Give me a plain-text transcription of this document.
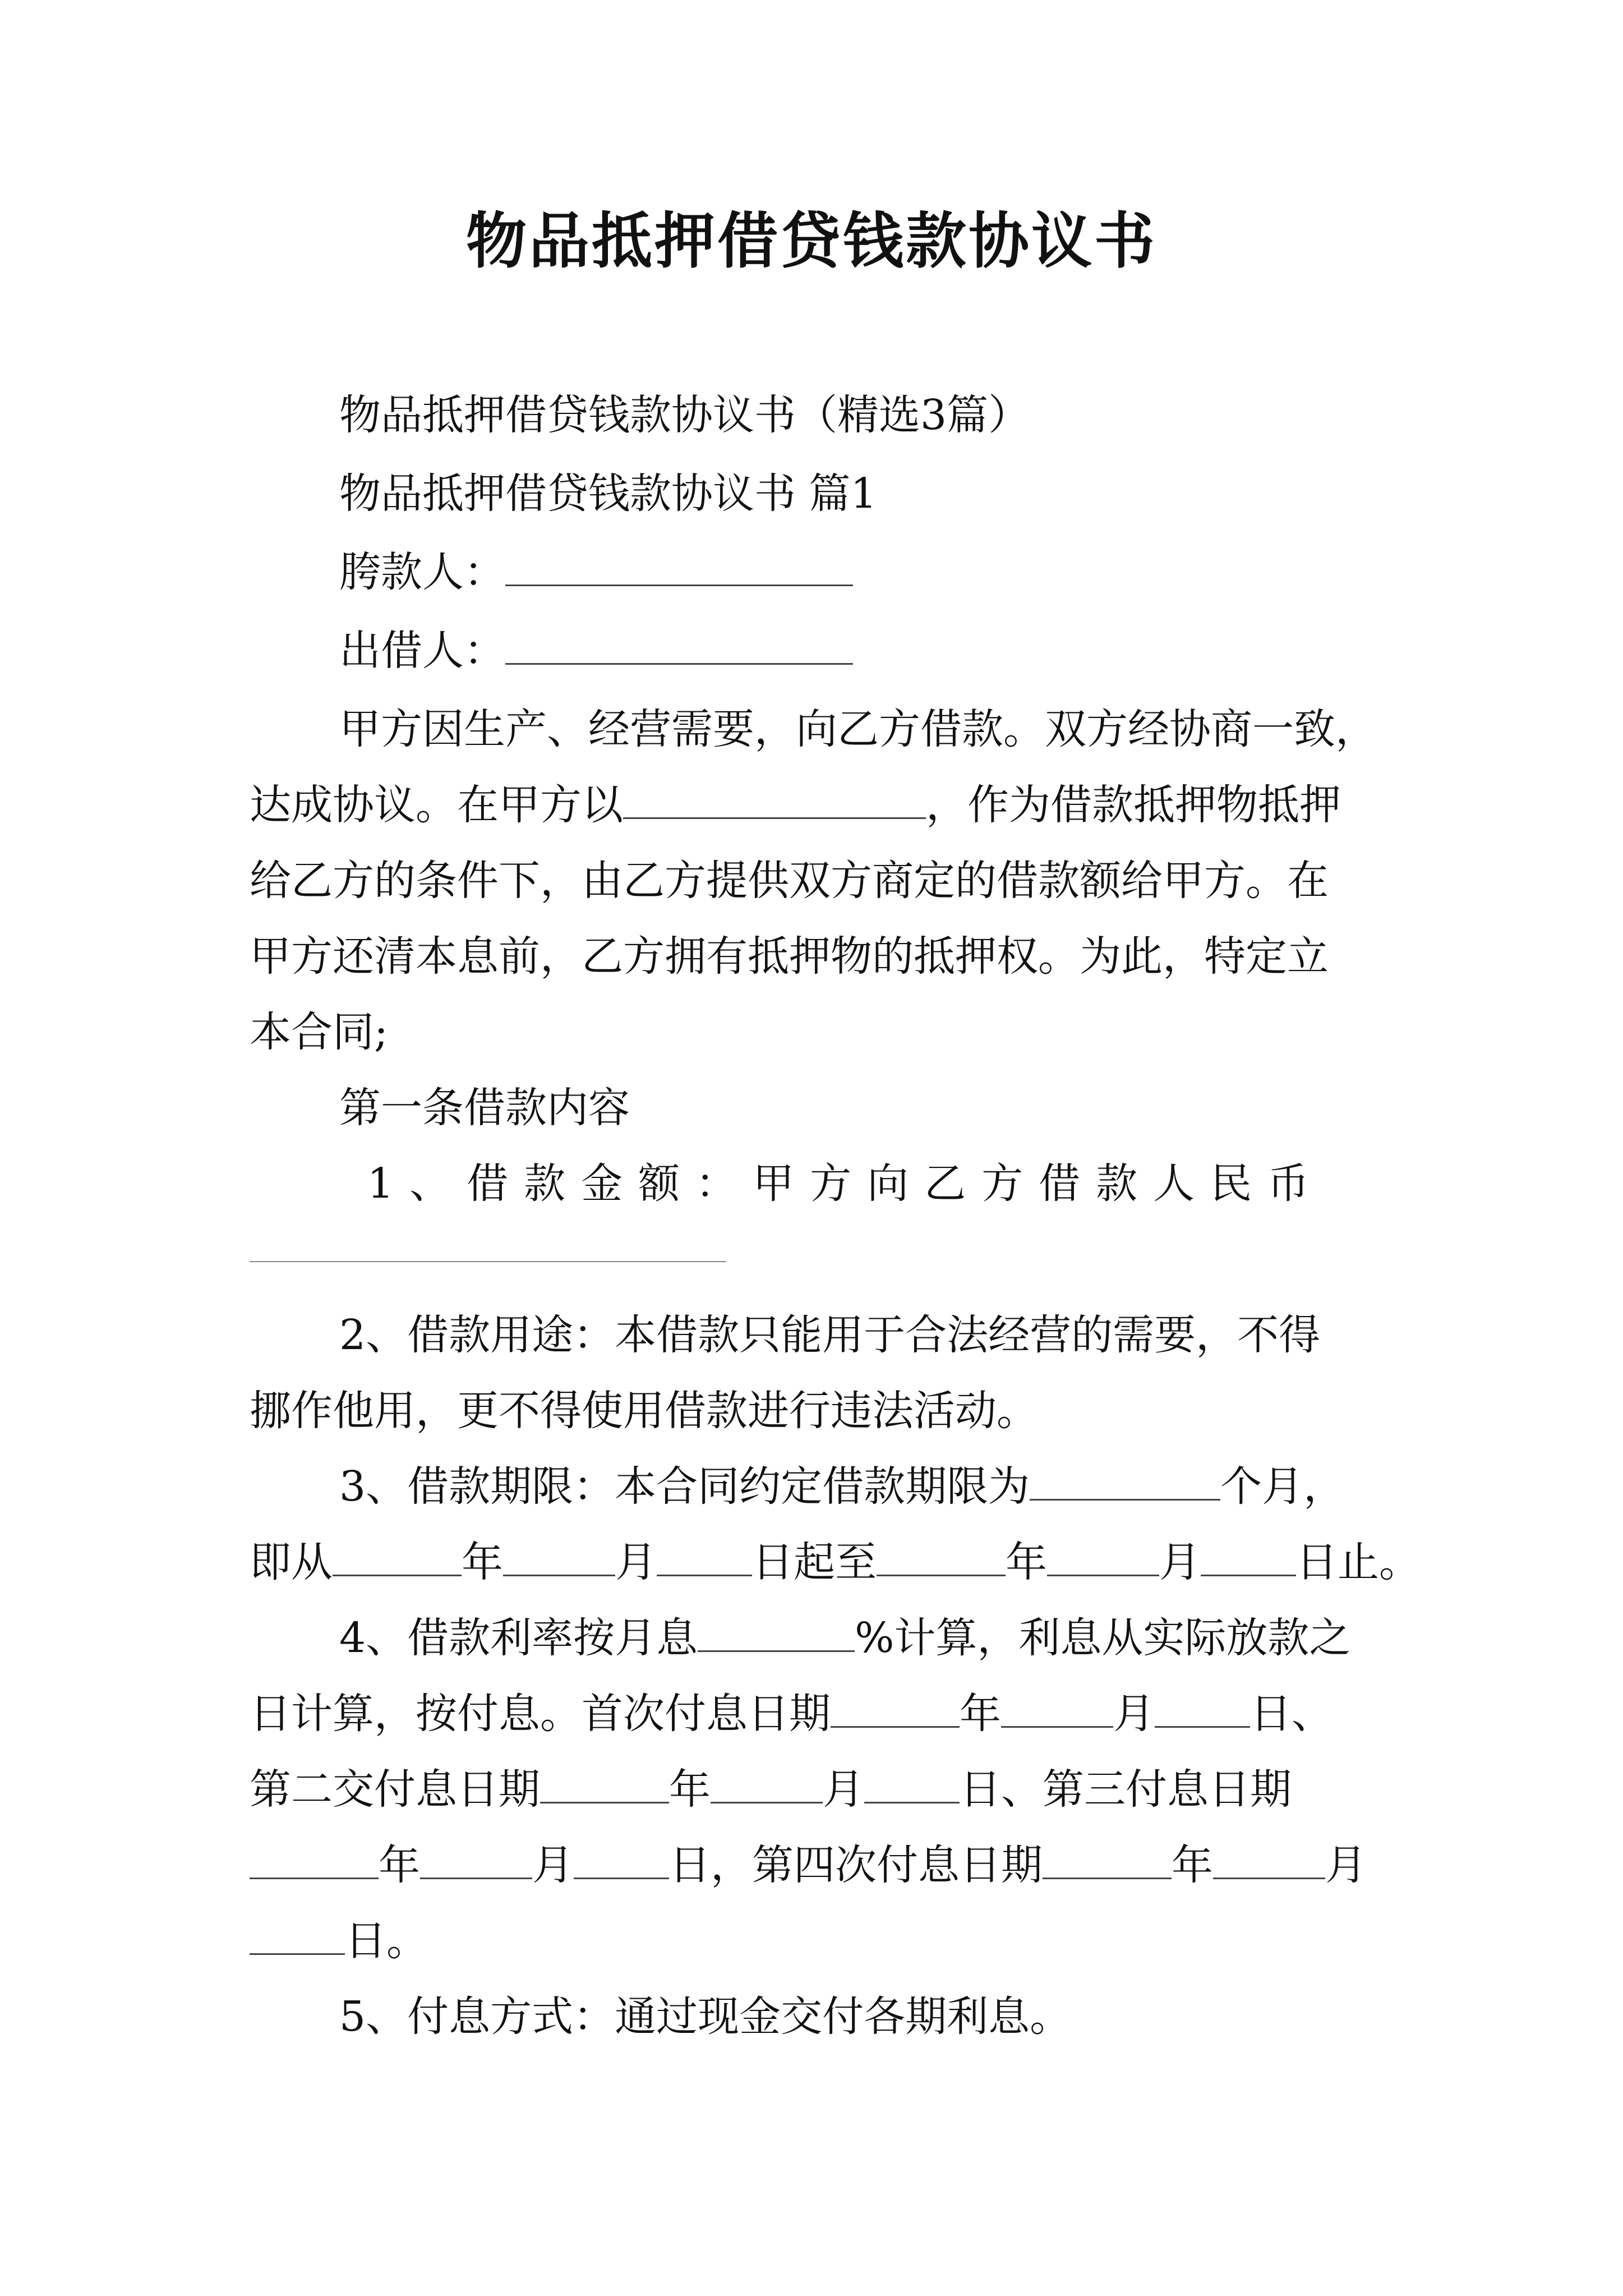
物品抵押借贷钱款协议书
物品抵押借贷钱款协议书（精选3篇）
物品抵押借贷钱款协议书 篇1
胯款人：
出借人：
甲方因生产、经营需要，向乙方借款。双方经协商一致，
达成协议。在甲方以	，作为借款抵押物抵押
给乙方的条件下，由乙方提供双方商定的借款额给甲方。在
甲方还清本息前，乙方拥有抵押物的抵押权。为此，特定立
本合同;
第一条借款内容
1、借款金额：甲方向乙方借款人民币
2、借款用途：本借款只能用于合法经营的需要，不得
挪作他用，更不得使用借款进行违法活动。
3、借款期限：本合同约定借款期限为	个月，
即从	年	月 日起至	年	月 日止。
4、借款利率按月息	%计算，利息从实际放款之
日计算，按付息。首次付息日期	年	月 日、
第二交付息日期	年	月 日、第三付息日期
年	月 日，第四次付息日期	年	月
日。
5、付息方式：通过现金交付各期利息。
